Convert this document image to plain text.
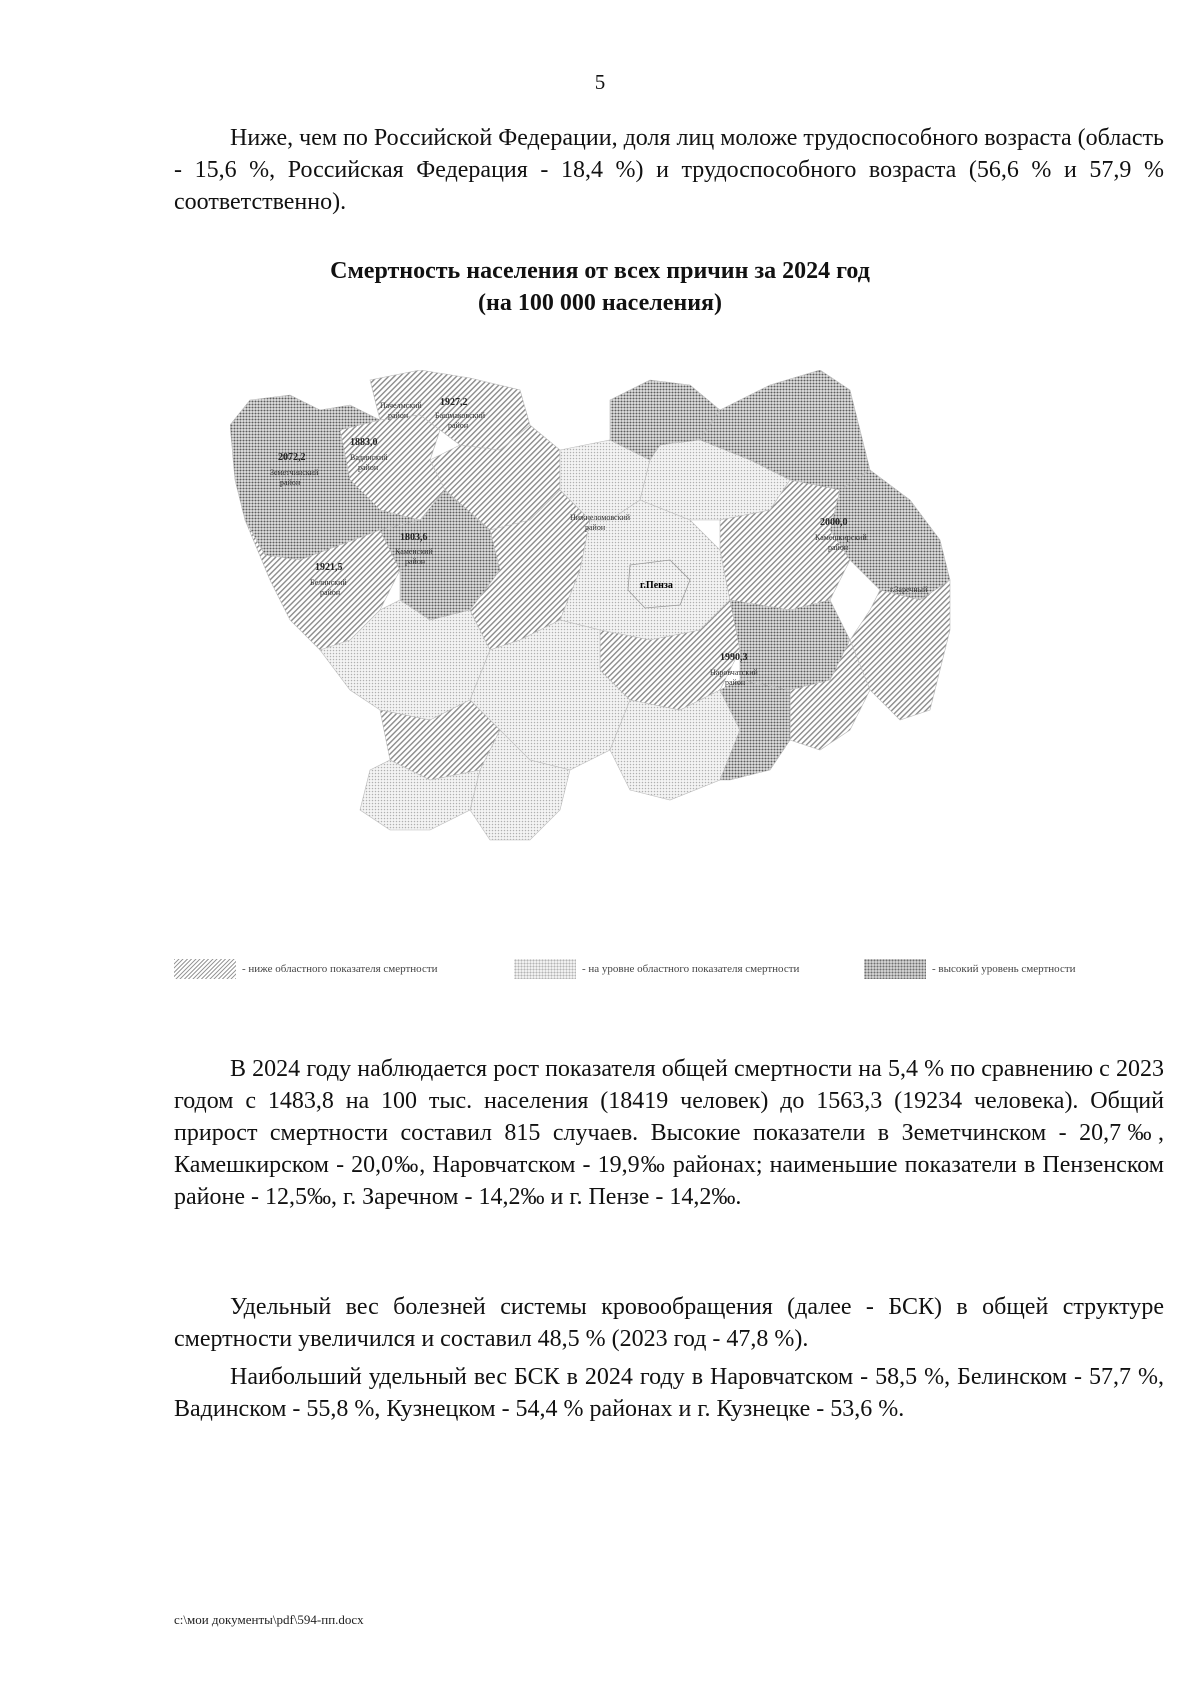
5

Ниже, чем по Российской Федерации, доля лиц моложе трудоспособного возраста (область - 15,6 %, Российская Федерация - 18,4 %) и трудоспособного возраста (56,6 % и 57,9 % соответственно).

Смертность населения от всех причин за 2024 год
(на 100 000 населения)
2072,2
Земетчинский
район
1883,0
Вадинский
район
1927,2
Башмаковский
район
Пачелмский
район
1921,5
Белинский
район
1803,6
Каменский
район
2000,0
Камешкирский
район
Нижнеломовский
район
1990,3
Наровчатский
район
г.Пенза	г.Заречный
- ниже областного показателя смертности	- на уровне областного показателя смертности	- высокий уровень смертности

В 2024 году наблюдается рост показателя общей смертности на 5,4 % по сравнению с 2023 годом с 1483,8 на 100 тыс. населения (18419 человек) до 1563,3 (19234 человека). Общий прирост смертности составил 815 случаев. Высокие показатели в Земетчинском - 20,7‰, Камешкирском - 20,0‰, Наровчатском - 19,9‰ районах; наименьшие показатели в Пензенском районе - 12,5‰, г. Заречном - 14,2‰ и г. Пензе - 14,2‰.

Удельный вес болезней системы кровообращения (далее - БСК) в общей структуре смертности увеличился и составил 48,5 % (2023 год - 47,8 %).

Наибольший удельный вес БСК в 2024 году в Наровчатском - 58,5 %, Белинском - 57,7 %, Вадинском - 55,8 %, Кузнецком - 54,4 % районах и г. Кузнецке - 53,6 %.

c:\мои документы\pdf\594-пп.docx
